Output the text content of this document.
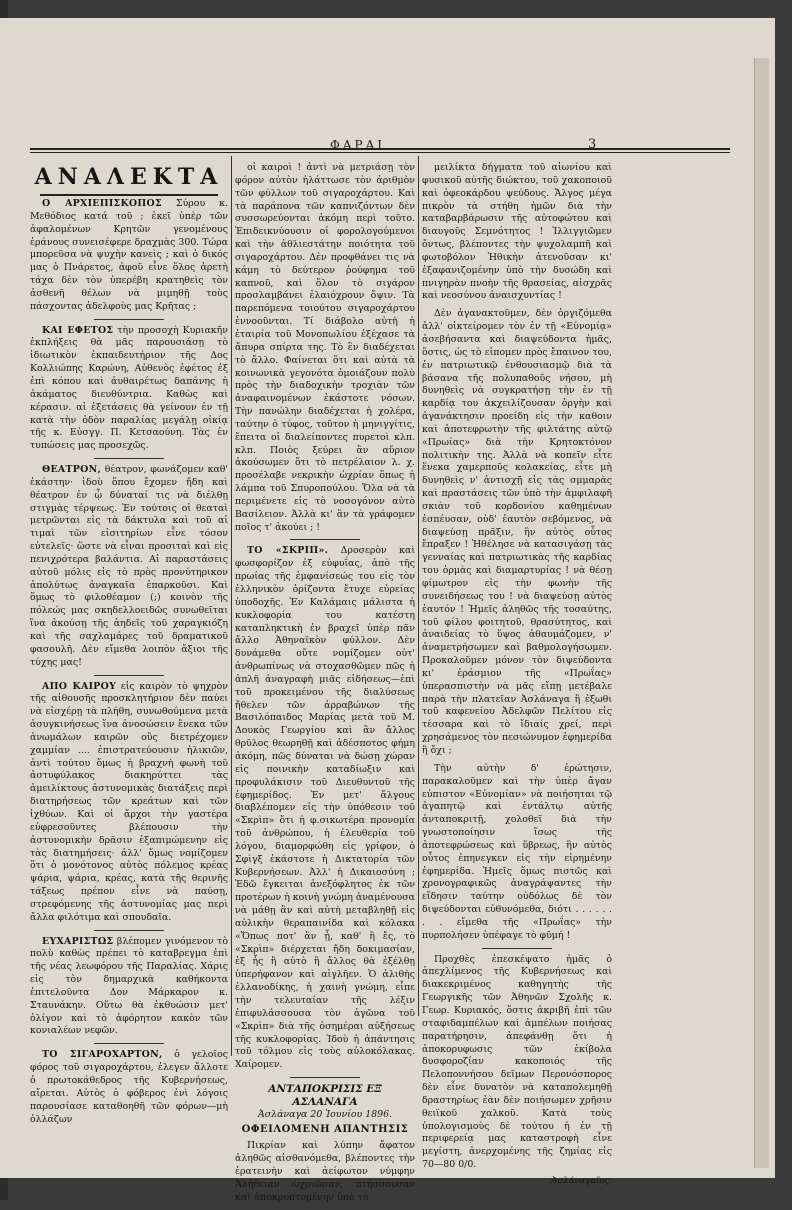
ΦΑΡΑΙ	3
ΑΝΑΛΕΚΤΑ

Ο ΑΡΧΙΕΠΙΣΚΟΠΟΣ Σύρου κ. Μεθόδιος κατά τοῦ ; ἐκεῖ ὑπὲρ τῶν ἀφαλομένων Κρητῶν γενομένους ἐράνους συνεισέφερε δραχμὰς 300. Τώρα μπορεῦσα νὰ ψυχὴν κανεὶς ; καὶ ὁ δικός μας ὁ Πνάρετος, ἀφοῦ εἶνε ὅλος ἀρετὴ τάχα δὲν τὸν ὑπερέβη κρατηθεὶς τὸν ἀσθενῆ θέλων νὰ μιμηθῇ τοὺς πάσχοντας ἀδελφοὺς μας Κρῆτας ;

ΚΑΙ ΕΦΕΤΟΣ τὴν προσοχὴ Κυριακῆν ἐκπλήξεις θὰ μᾶς παρουσιάσῃ τὸ ἰδιωτικὸν ἐκπαιδευτήριον τῆς Δος Κολλιώπης Καρώνη, Αὐθενὸς ἐφέτος ἐξ ἑπὶ κόπου καὶ ἀυθαιρέτως δαπάνης ἡ ἀκάματος διευθύντρια. Καθὼς καὶ κέρασιν. αἱ ἐξετάσεις θὰ γείνουν ἐν τῇ κατὰ τὴν ὁδὸν παραλίας μεγάλῃ οἰκίᾳ τῆς κ. Εὐσγγ. Π. Κετσαούνη. Τὰς ἐν τυπώσεις μας προσεχῶς.

ΘΕΑΤΡΟΝ, θέατρον, φωνάζομεν καθ' ἑκάστην· ἰδοὺ ὅπου ἔχομεν ἤδη καὶ θέατρον ἐν ᾧ δύναταί τις νὰ διέλθῃ στιγμὰς τέρψεως. Ἐν τούτοις οἱ θεαταὶ μετρῶνται εἰς τὰ δάκτυλα καὶ τοῦ αἱ τιμαὶ τῶν εἰσιτηρίων εἶνε τόσον εὐτελεῖς· ὥστε νὰ εἶναι προσιταὶ καὶ εἰς πενιχρότερα βαλάντια. Αἱ παραστάσεις αὐτοῦ μόλις εἰς τὸ πρὸς προνύτηρικον ἀπολύτως ἀναγκαῖα ἐπαρκοῦσι. Καὶ ὅμως τὸ φιλοθέαμον (;) κοινὸν τῆς πόλεώς μας σκηδελλοειδῶς συνωθεῖται ἵνα ἀκούσῃ τῆς ἀηδεῖς τοῦ χαραγκιόζη καὶ τῆς σαχλαμάρες τοῦ δραματικοῦ φασουλῆ. Δὲν εἴμεθα λοιπὸν ἄξιοι τῆς τύχης μας!

ΑΠΟ ΚΑΙΡΟΥ εἰς καιρὸν τὸ ψηχρὸν τῆς αἰθουσῆς προσκλητήριον δὲν παύει νὰ εἰσχέρῃ τὰ πλήθη, συνωθούμενα μετὰ ἀσυγκινήσεως ἵνα ἀνοσώσειν ἕνεκα τῶν ἀνωμάλων καιρῶν οὓς διετρέχομεν χαμμίαν .... ἐπιστρατεύουσιν ἡλικιῶν, ἀντὶ τούτου ὅμως ἡ βραχνὴ φωνὴ τοῦ ἀστυφύλακος διακηρύττει τὰς ἀμειλίκτους ἀστυνομικὰς διατάξεις περὶ διατηρήσεως τῶν κρεάτων καὶ τῶν ἰχθύων. Καὶ οἱ ἄρχοι τὴν γαστέρα εὐφρεσοῦντες βλέπουσιν τὴν ἀστυνομικὴν δρᾶσιν ἐξαπιμώμενην εἰς τὰς διατημήσεις· ἀλλ' ὅμως νομίζομεν ὅτι ὁ μονότονος αὐτὸς πόλεμος κρέας ψάρια, ψάρια, κρέας, κατὰ τῆς θερινῆς τάξεως πρέπον εἶνε νὰ παύσῃ, στρεφόμενης τῆς ἀστυνομίας μας περὶ ἄλλα φιλότιμα καὶ σπουδαῖα.

ΕΥΧΑΡΙΣΤΩΣ βλέπομεν γινόμενον τὸ πολὺ καθὼς πρέπει τὸ καταβρεγμα ἐπὶ τῆς νέας λεωφόρου τῆς Παραλίας. Χάρις εἰς τὸν δημαρχικὰ καθήκοντα ἐπιτελοῦντα Δον Μάρκαρον κ. Σταυνάκην. Οὕτω θὰ ἐκθυώσιν μετ' ὀλίγον καὶ τὸ ἀφόρητον κακὸν τῶν κονιαλέων νεφῶν.

ΤΟ ΣΙΓΑΡΟΧΑΡΤΟΝ, ὁ γελοῖος φόρος τοῦ σιγαροχάρτου, ἐλεγεν ἄλλοτε ὁ πρωτοκάθεδρος τῆς Κυβερνήσεως, αἴρεται. Αὐτὸς ὁ φόβερος ἐνὶ λόγοις παρουσίασε καταθοηθῆ τῶν φόρων—μὴ ὁλλάζων

οἱ καιροὶ ! ἀντὶ νὰ μετριάσῃ τὸν φόρον αὐτὸν ἠλάττωσε τὸν ἀριθμὸν τῶν φύλλων τοῦ σιγαροχάρτου. Καὶ τὰ παράπονα τῶν καπνιζόντων δὲν συσσωρεύονται ἀκόμη περὶ τοῦτο. Ἐπιδεικνύουσιν οἱ φορολογούμενοι καὶ τὴν ἀθλιεστάτην ποιότητα τοῦ σιγαροχάρτου. Δὲν προφθάνει τις νὰ κάμη τὸ δεύτερον ῥούφημα τοῦ καπνοῦ, καὶ ὅλον τὸ σιγάρον προσλαμβάνει ἐλαιόχρουν ὄψιν. Τὰ παρεπόμενα τοιούτου σιγαροχάρτου ἐννοοῦνται. Τί διάβολο αὐτὴ ἡ ἑταιρία τοῦ Μονοπωλίου ἐξέχασε τὰ ἄπυρα σπίρτα της. Τὸ ἓν διαδέχεται τὸ ἄλλο. Φαίνεται ὅτι καὶ αὐτὰ τὰ κοινωνικὰ γεγονότα ὁμοιάζουν πολὺ πρὸς τὴν διαδοχικὴν τροχιὰν τῶν ἀναφαινομένων ἑκάστοτε νόσων. Τὴν πανώλην διαδέχεται ἡ χολέρα, ταύτην ὁ τύφος, τοῦτον ἡ μηνιγγίτις, ἔπειτα οἱ διαλείποντες πυρετοὶ κλπ. κλπ. Ποιὸς ξεύρει ἂν αὔριον ἀκούσωμεν ὅτι τὸ πετρέλαιον λ. χ. προσέλαβε νεκρικὴν ὠχρίαν ὅπως ἡ λάμπα τοῦ Σπυροπούλου. Ὅλα νὰ τὰ περιμένετε εἰς τὸ νοσογόνον αὐτὸ Βασίλειον. Ἀλλὰ κι' ἂν τὰ γράφομεν ποῖος τ' ἀκούει ; !

ΤΟ «ΣΚΡΙΠ». Δροσερὸν καὶ φωσφορίζον ἐξ εὐφυΐας, ἀπὸ τῆς πρωίας τῆς ἐμφανίσεώς του εἰς τὸν ἑλληνικὸν ὁρίζοντα ἔτυχε εὐρείας ὑποδοχῆς. Ἐν Καλάμαις μάλιστα ἡ κυκλοφορία του κατέστη καταπληκτικὴ ἐν βραχεῖ ὑπὲρ πᾶν ἄλλο Ἀθηναϊκὸν φύλλον. Δὲν δυνάμεθα οὔτε νομίζομεν οὐτ' ἀνθρωπίνως νὰ στοχασθῶμεν πῶς ἡ ἁπλῆ ἀναγραφὴ μιᾶς εἰδήσεως—ἐπὶ τοῦ προκειμένου τῆς διαλύσεως ἤθελεν τῶν ἀρραβώνων τῆς Βασιλόπαιδος Μαρίας μετὰ τοῦ Μ. Δουκὸς Γεωργίου καὶ ἂν ἄλλος θρῦλος θεωρηθῇ καὶ ἀδέσποτος φήμη ἀκόμη, πῶς δύναται νὰ δώσῃ χώραν εἰς ποινικὴν καταδίωξιν καὶ προφυλάκισιν τοῦ Διευθυντοῦ τῆς ἐφημερίδος. Ἐν μετ' ἄλγους διαβλέπομεν εἰς τὴν ὑπόθεσιν τοῦ «Σκρὶπ» ὅτι ἡ φ.σικωτέρα προνομία τοῦ ἀνθρώπου, ἡ ἐλευθερία τοῦ λόγου, διαμορφώθη εἰς γρίφον, ὁ Σφὶγξ ἑκάστοτε ἡ Δικτατορία τῶν Κυβερνήσεων. Ἀλλ' ἡ Δικαιοσύνη ; Ἐδῶ ἔγκειται ἀνεξόφλητος ἐκ τῶν προτέρων ἡ κοινὴ γνώμη ἀναμένουσα νὰ μάθῃ ἂν καὶ αὐτὴ μεταβληθῇ εἰς αὐλικὴν θεραπαινίδα καὶ κόλακα «Ὅπως ποτ' ἂν ᾖ, καθ' ἣ ἔς, τὸ «Σκρὶπ» διέρχεται ἤδη δοκιμασίαν, ἐξ ἧς ἢ αὐτὸ ἢ ἄλλος θὰ ἐξέλθῃ ὑπερήφανον καὶ αἰγλῆεν. Ὁ ἀλιθὴς ἐλλανοδίκης, ἡ χαινὴ γνώμη, εἶπε τὴν τελευταίαν τῆς λέξιν ἐπιφυλάσσουσα τὸν ἀγῶνα τοῦ «Σκρὶπ» διὰ τῆς ὁσημέραι αὐξήσεως τῆς κυκλοφορίας. Ἰδοὺ ἡ ἀπάντησις τοῦ τόλμου εἰς τοὺς αὐλοκόλακας. Χαίρομεν.

ΑΝΤΑΠΟΚΡΙΣΙΣ ΕΞ ΑΣΛΑΝΑΓΑ
Ἀσλάναγα 20 Ἰουνίου 1896.
ΟΦΕΙΛΟΜΕΝΗ ΑΠΑΝΤΗΣΙΣ

Πικρίαν καὶ λύπην ἄφατον ἀληθῶς αἰσθανόμεθα, βλέποντες τὴν ἐρατεινὴν καὶ ἀείφωτον νύμφην Ἀλήθειαν ὠχριῶσαν, πτήσσουσαν καὶ ἀποκρυπτομένην ὑπὸ τὰ

μειλίκτα δήγματα τοῦ αἰωνίου καὶ φυσικοῦ αὐτῆς διώκτου, τοῦ χακοποιοῦ καὶ ὀφεοκάρδου ψεύδους. Ἄλγος μέγα πικρὸν τὰ στήθη ἡμῶν διὰ τὴν καταβαρβάρωσιν τῆς αὐτοφώτου καὶ διαυγοῦς Σεμνότητος ! Ἰλλιγγιῶμεν ὄντως, βλέποντες τὴν ψυχολαμπῆ καὶ φωτοβόλον Ἠθικὴν ἀτενοῦσαν κι' ἐξαφανιζομένην ὑπὸ τὴν δυσώδη καὶ πνιγηρὰν πνοὴν τῆς θρασείας, αἰσχρᾶς καὶ νεοσύνου ἀναισχυντίας !

Δὲν ἀγανακτοῦμεν, δὲν ὀργιζόμεθα ἀλλ' οἰκτείρομεν τὸν ἐν τῇ «Εὐνομίᾳ» ἀσεβήσαντα καὶ διαψεύδοντα ἡμᾶς, ὅστις, ὡς τὸ εἰπομεν πρὸς ἔπαινον του, ἐν πατριωτικῷ ἐνθουσιασμῷ διὰ τὰ βάσανα τῆς πολυπαθοῦς νήσου, μὴ δυνηθεὶς νὰ συγκρατήσῃ τὴν ἐν τῇ καρδίᾳ του ἀκχειλίζουσαν ὀργὴν καὶ ἀγανάκτησιν προείδη εἰς τὴν καθοιν καὶ ἀποτεφρωτὴν τῆς φιλτάτης αὐτῷ «Πρωίας» διὰ τὴν Κρητοκτόνον πολιτικὴν της. Ἀλλὰ νὰ κοπεῖν εἶτε ἕνεκα χαμερποῦς κολακείας, εἶτε μὴ δυνηθεὶς ν' ἀντισχῇ εἰς τὰς σμμαρὰς καὶ πραστάσεις τῶν ὑπὸ τὴν ἀμφιλαφῆ σκιὰν τοῦ κορδονίου καθημένων ἐσπέυσαν, οὐδ' ἑαυτὸν σεβόμενος, νὰ διαψεύσῃ πρᾶξιν, ἣν αὐτὸς οὗτος ἔπραξεν ! Ἠθέλησε νὰ κατασιγάσῃ τὰς γενναίας καὶ πατριωτικὰς τῆς καρδίας του ὁρμὰς καὶ διαμαρτυρίας ! νὰ θέσῃ φίμωτρον εἰς τὴν φωνὴν τῆς συνειδήσεως του ! νὰ διαψεύσῃ αὐτὸς ἑαυτόν ! Ἡμεῖς ἀληθῶς τῆς τοσαύτης, τοῦ φίλου φοιτητοῦ, θρασύτητος, καὶ ἀναιδείας τὸ ὕψος ἀθαυμάζομεν, ν' ἀναμετρήσωμεν καὶ βαθμολογήσωμεν. Προκαλοῦμεν μόνον τὸν διψεύδοντα κι' ἐράσμιον τῆς «Πρωΐας» ὑπερασπιστὴν νὰ μᾶς εἴπῃ μετέβαλε παρὰ τὴν πλατεῖαν Ἀσλάναγα ἢ ἐξωθι τοῦ καφενείου Ἀδελφῶν Πελίτου εἰς τέσσαρα καὶ τὸ ἴδιαίς χρεί, περὶ χρησάμενος τὸν πεσιώνυμον ἐφημερίδα ἢ ὄχι ;

Τὴν αὐτὴν δ' ἐρώτησιν, παρακαλοῦμεν καὶ τὴν ὑπὲρ ἄγαν εὐπιστον «Εὐνομίαν» νὰ ποιήσηται τῷ ἀγαπητῷ καὶ ἐντάλτῳ αὐτῆς ἀνταποκριτῇ, χολοθεῖ διὰ τὴν γνωστοποίησιν ἴσως τῆς ἀποτεφρώσεως καὶ ὕβρεως, ἣν αὐτὸς οὗτος ἐπηνεγκεν εἰς τὴν εἰρημένην ἐφημερίδα. Ἡμεῖς ὅμως πιστῶς καὶ χρονογραφικῶς ἀναγράψαντες τὴν εἴδησιν ταύτην οὐδόλως δὲ τὸν διψεύδονται εὐθυνόμεθα, διότι . . . . . . . . εἴμεθα τῆς «Πρωΐας» τὴν πυρπολήσεν ὑπέφαγε τὸ φῦμή !

Προχθὲς ἐπεσκέψατο ἡμᾶς ὁ ἀπεχλίμενος τῆς Κυβερνήσεως καὶ διακεκριμένος καθηγητὴς τῆς Γεωργικῆς τῶν Ἀθηνῶν Σχολῆς κ. Γεωρ. Κυριακός, ὅστις ἀκριβῆ ἐπὶ τῶν σταφιδαμπέλων καὶ ἀμπέλων ποιήσας παρατήρησιν, ἀπεφάνθῃ ὅτι ἡ ἀποκορυφωσις τῶν ἐκίβολα δυσφοροζίαν κακοποιός τῆς Πελοποννήσου δεῖμων Περονόσπορος δὲν εἶνε δυνατὸν νὰ καταπολεμηθῇ δραστηρίως ἐὰν δὲν ποιήσωμεν χρῆσιν θειϊκοῦ χαλκοῦ. Κατὰ τοὺς ὑπολογισμοὺς δὲ τούτου ἡ ἐν τῇ περιφερείᾳ μας καταστροφὴ εἶνε μεγίστη, ἀνερχομένης τῆς ζημίας εἰς 70—80 0/0.

Ἀσλάναγαῖος.
